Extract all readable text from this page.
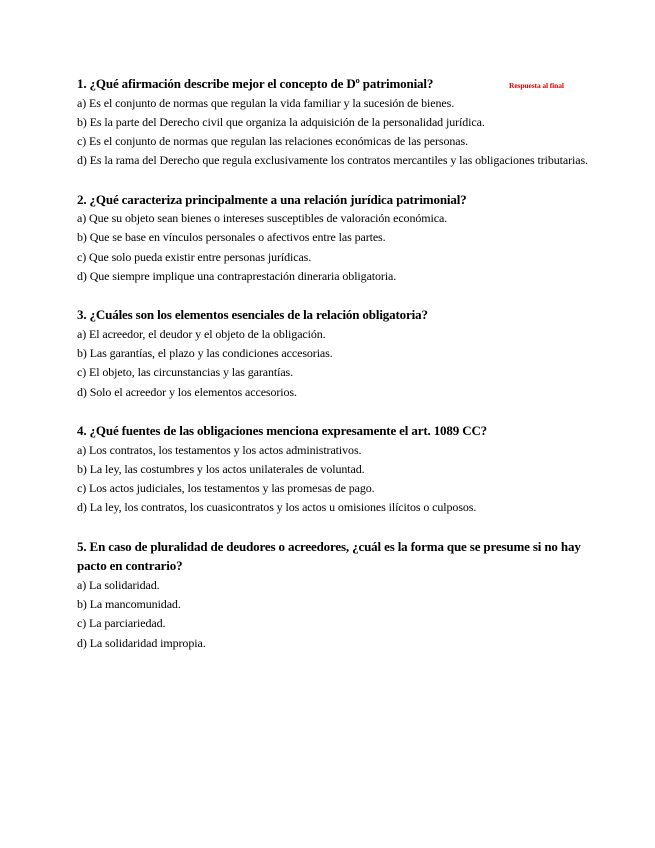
Respuesta al final
1. ¿Qué afirmación describe mejor el concepto de Dº patrimonial?
a) Es el conjunto de normas que regulan la vida familiar y la sucesión de bienes.
b) Es la parte del Derecho civil que organiza la adquisición de la personalidad jurídica.
c) Es el conjunto de normas que regulan las relaciones económicas de las personas.
d) Es la rama del Derecho que regula exclusivamente los contratos mercantiles y las obligaciones tributarias.
2. ¿Qué caracteriza principalmente a una relación jurídica patrimonial?
a) Que su objeto sean bienes o intereses susceptibles de valoración económica.
b) Que se base en vínculos personales o afectivos entre las partes.
c) Que solo pueda existir entre personas jurídicas.
d) Que siempre implique una contraprestación dineraria obligatoria.
3. ¿Cuáles son los elementos esenciales de la relación obligatoria?
a) El acreedor, el deudor y el objeto de la obligación.
b) Las garantías, el plazo y las condiciones accesorias.
c) El objeto, las circunstancias y las garantías.
d) Solo el acreedor y los elementos accesorios.
4. ¿Qué fuentes de las obligaciones menciona expresamente el art. 1089 CC?
a) Los contratos, los testamentos y los actos administrativos.
b) La ley, las costumbres y los actos unilaterales de voluntad.
c) Los actos judiciales, los testamentos y las promesas de pago.
d) La ley, los contratos, los cuasicontratos y los actos u omisiones ilícitos o culposos.
5. En caso de pluralidad de deudores o acreedores, ¿cuál es la forma que se presume si no hay pacto en contrario?
a) La solidaridad.
b) La mancomunidad.
c) La parciariedad.
d) La solidaridad impropia.
